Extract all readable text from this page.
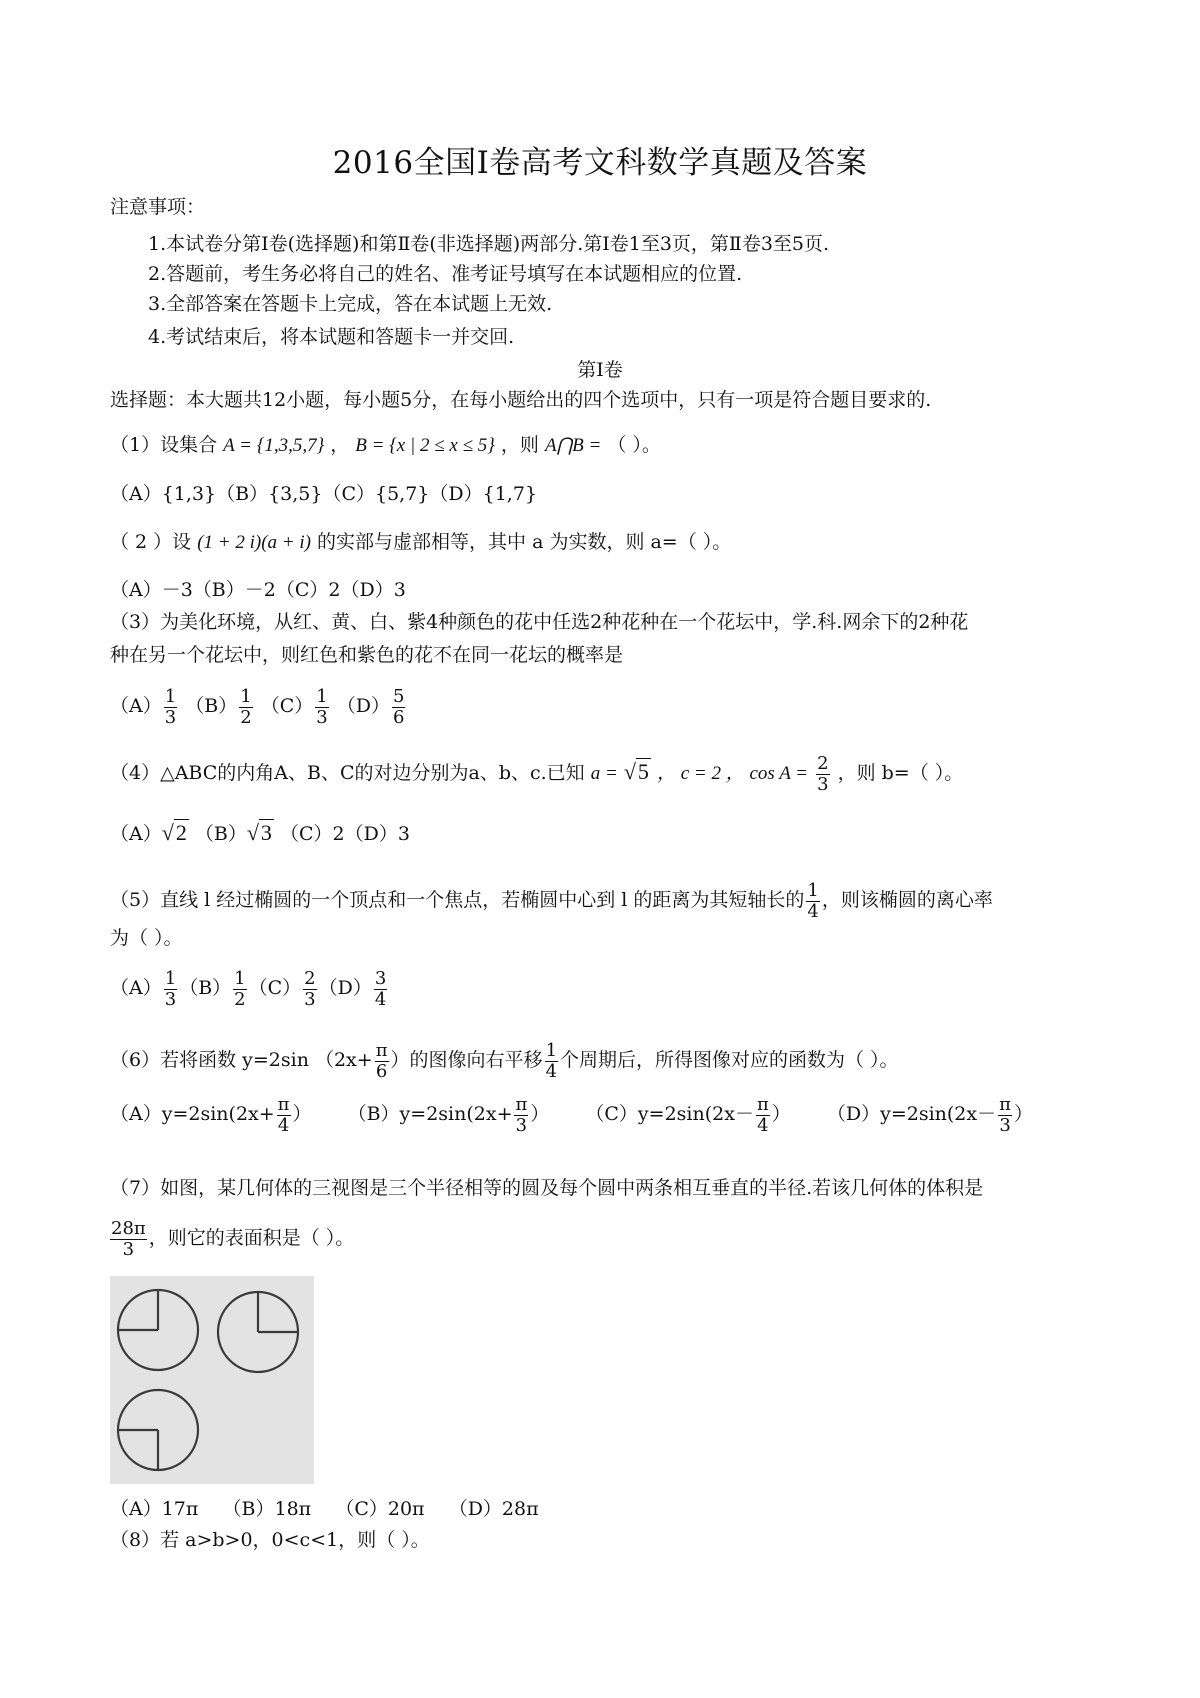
2016全国Ⅰ卷高考文科数学真题及答案
注意事项：
1.本试卷分第Ⅰ卷(选择题)和第Ⅱ卷(非选择题)两部分.第Ⅰ卷1至3页，第Ⅱ卷3至5页.
2.答题前，考生务必将自己的姓名、准考证号填写在本试题相应的位置.
3.全部答案在答题卡上完成，答在本试题上无效.
4.考试结束后，将本试题和答题卡一并交回.
第Ⅰ卷
选择题：本大题共12小题，每小题5分，在每小题给出的四个选项中，只有一项是符合题目要求的.
（1）设集合 A = {1,3,5,7} ， B = {x | 2 ≤ x ≤ 5} ，则 A⋂B = （ ）。
（A）{1,3}（B）{3,5}（C）{5,7}（D）{1,7}
（ 2 ）设 (1 + 2 i)(a + i) 的实部与虚部相等，其中 a 为实数，则 a=（ ）。
（A）－3（B）－2（C）2（D）3
（3）为美化环境，从红、黄、白、紫4种颜色的花中任选2种花种在一个花坛中，学.科.网余下的2种花
种在另一个花坛中，则红色和紫色的花不在同一花坛的概率是
$(A) \frac{1}{3} (B) \frac{1}{2} (C) \frac{1}{3} (D) \frac{5}{6}$
（4）△ABC的内角A、B、C的对边分别为a、b、c.已知 a = √5 ， c = 2 ， $\cos A = \frac{2}{3}$ ，则 b=（ ）。
（A）√2 （B）√3 （C）2（D）3
（5）直线 l 经过椭圆的一个顶点和一个焦点，若椭圆中心到 l 的距离为其短轴长的 $\frac{1}{4}$ ，则该椭圆的离心率
为（ ）。
$(A) \frac{1}{3} (B) \frac{1}{2} (C) \frac{2}{3} (D) \frac{3}{4}$
（6）若将函数 y=2sin （$2x+ \frac{\pi}{6}$ ）的图像向右平移 $\frac{1}{4}$ 个周期后，所得图像对应的函数为（ ）。
$(A)y=2\sin(2x+ \frac{\pi}{4}$ ） $(B)y=2\sin(2x+ \frac{\pi}{3}$ ） $(C)y=2\sin(2x- \frac{\pi}{4}$ ） $(D)y=2\sin(2x- \frac{\pi}{3}$ ）
（7）如图，某几何体的三视图是三个半径相等的圆及每个圆中两条相互垂直的半径.若该几何体的体积是
$\frac{28\pi}{3}$ ，则它的表面积是（ ）。
（A）17π    （B）18π    （C）20π    （D）28π
（8）若 a>b>0，0<c<1，则（ ）。
